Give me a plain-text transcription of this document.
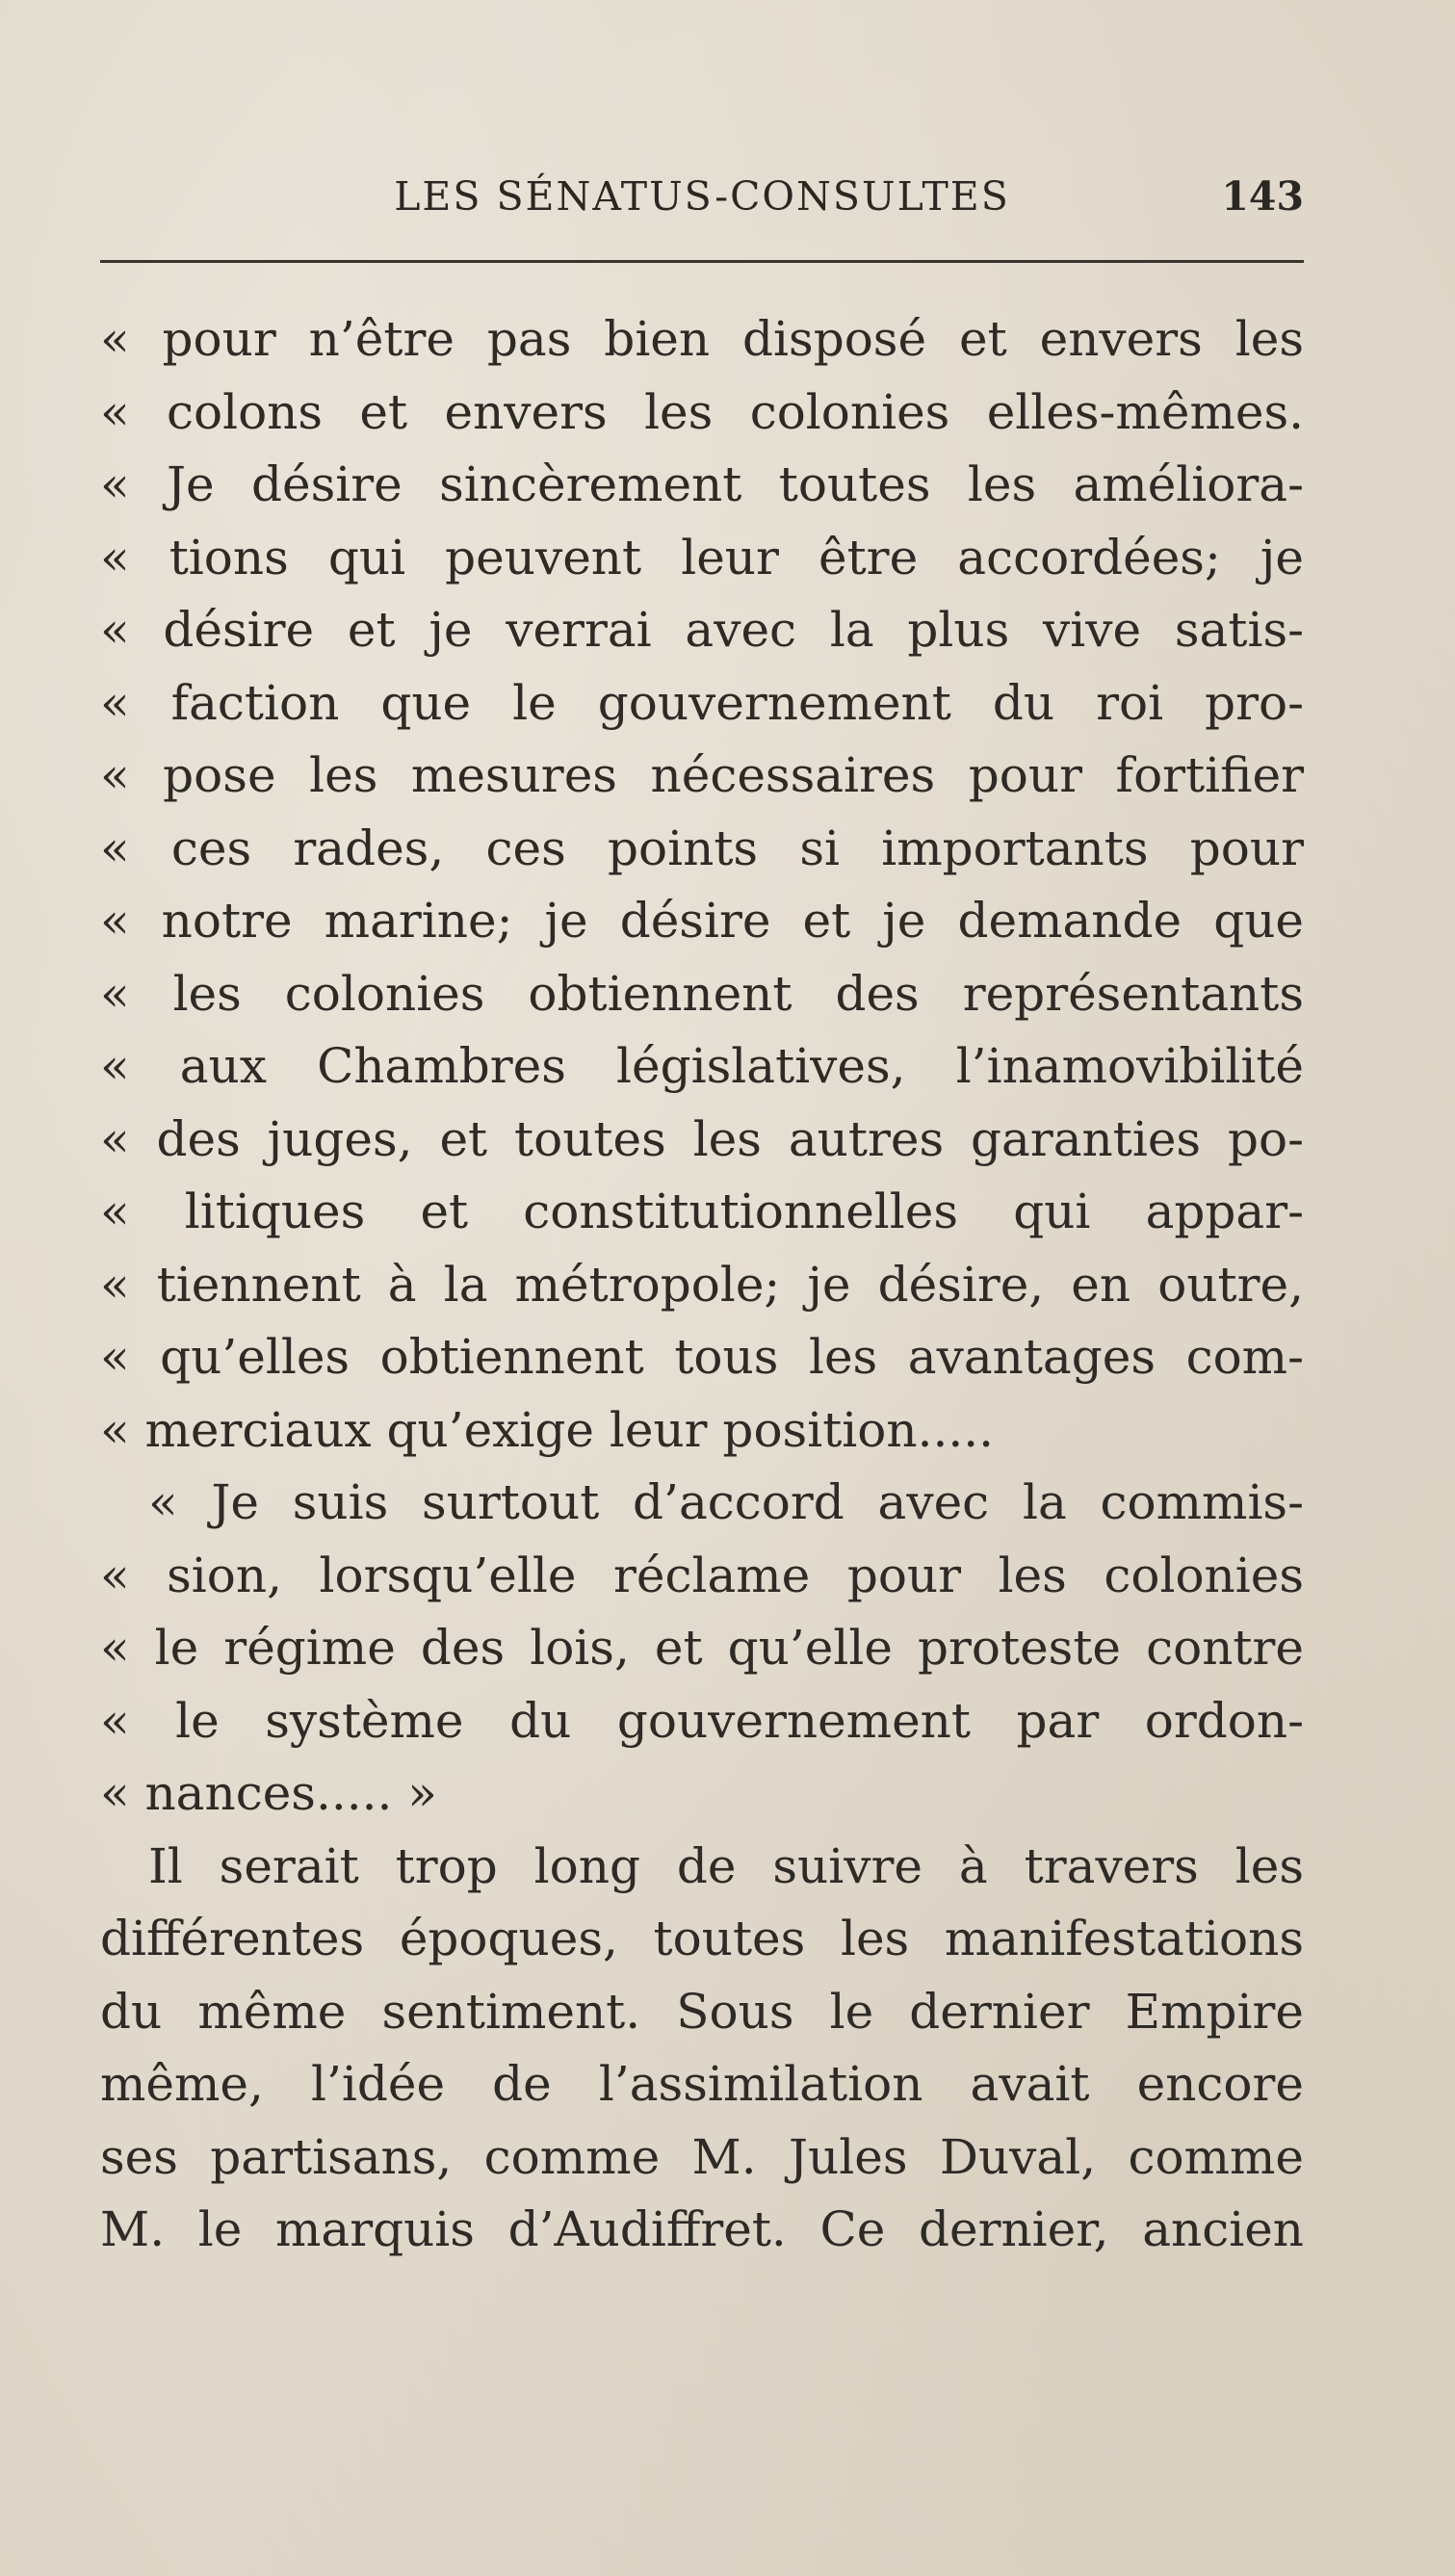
LES SÉNATUS-CONSULTES	143
« pour n’être pas bien disposé et envers les
« colons et envers les colonies elles-mêmes.
« Je désire sincèrement toutes les améliora-
« tions qui peuvent leur être accordées; je
« désire et je verrai avec la plus vive satis-
« faction que le gouvernement du roi pro-
« pose les mesures nécessaires pour fortifier
« ces rades, ces points si importants pour
« notre marine; je désire et je demande que
« les colonies obtiennent des représentants
« aux Chambres législatives, l’inamovibilité
« des juges, et toutes les autres garanties po-
« litiques et constitutionnelles qui appar-
« tiennent à la métropole; je désire, en outre,
« qu’elles obtiennent tous les avantages com-
« merciaux qu’exige leur position.....
« Je suis surtout d’accord avec la commis-
« sion, lorsqu’elle réclame pour les colonies
« le régime des lois, et qu’elle proteste contre
« le système du gouvernement par ordon-
« nances..... »
Il serait trop long de suivre à travers les
différentes époques, toutes les manifestations
du même sentiment. Sous le dernier Empire
même, l’idée de l’assimilation avait encore
ses partisans, comme M. Jules Duval, comme
M. le marquis d’Audiffret. Ce dernier, ancien
